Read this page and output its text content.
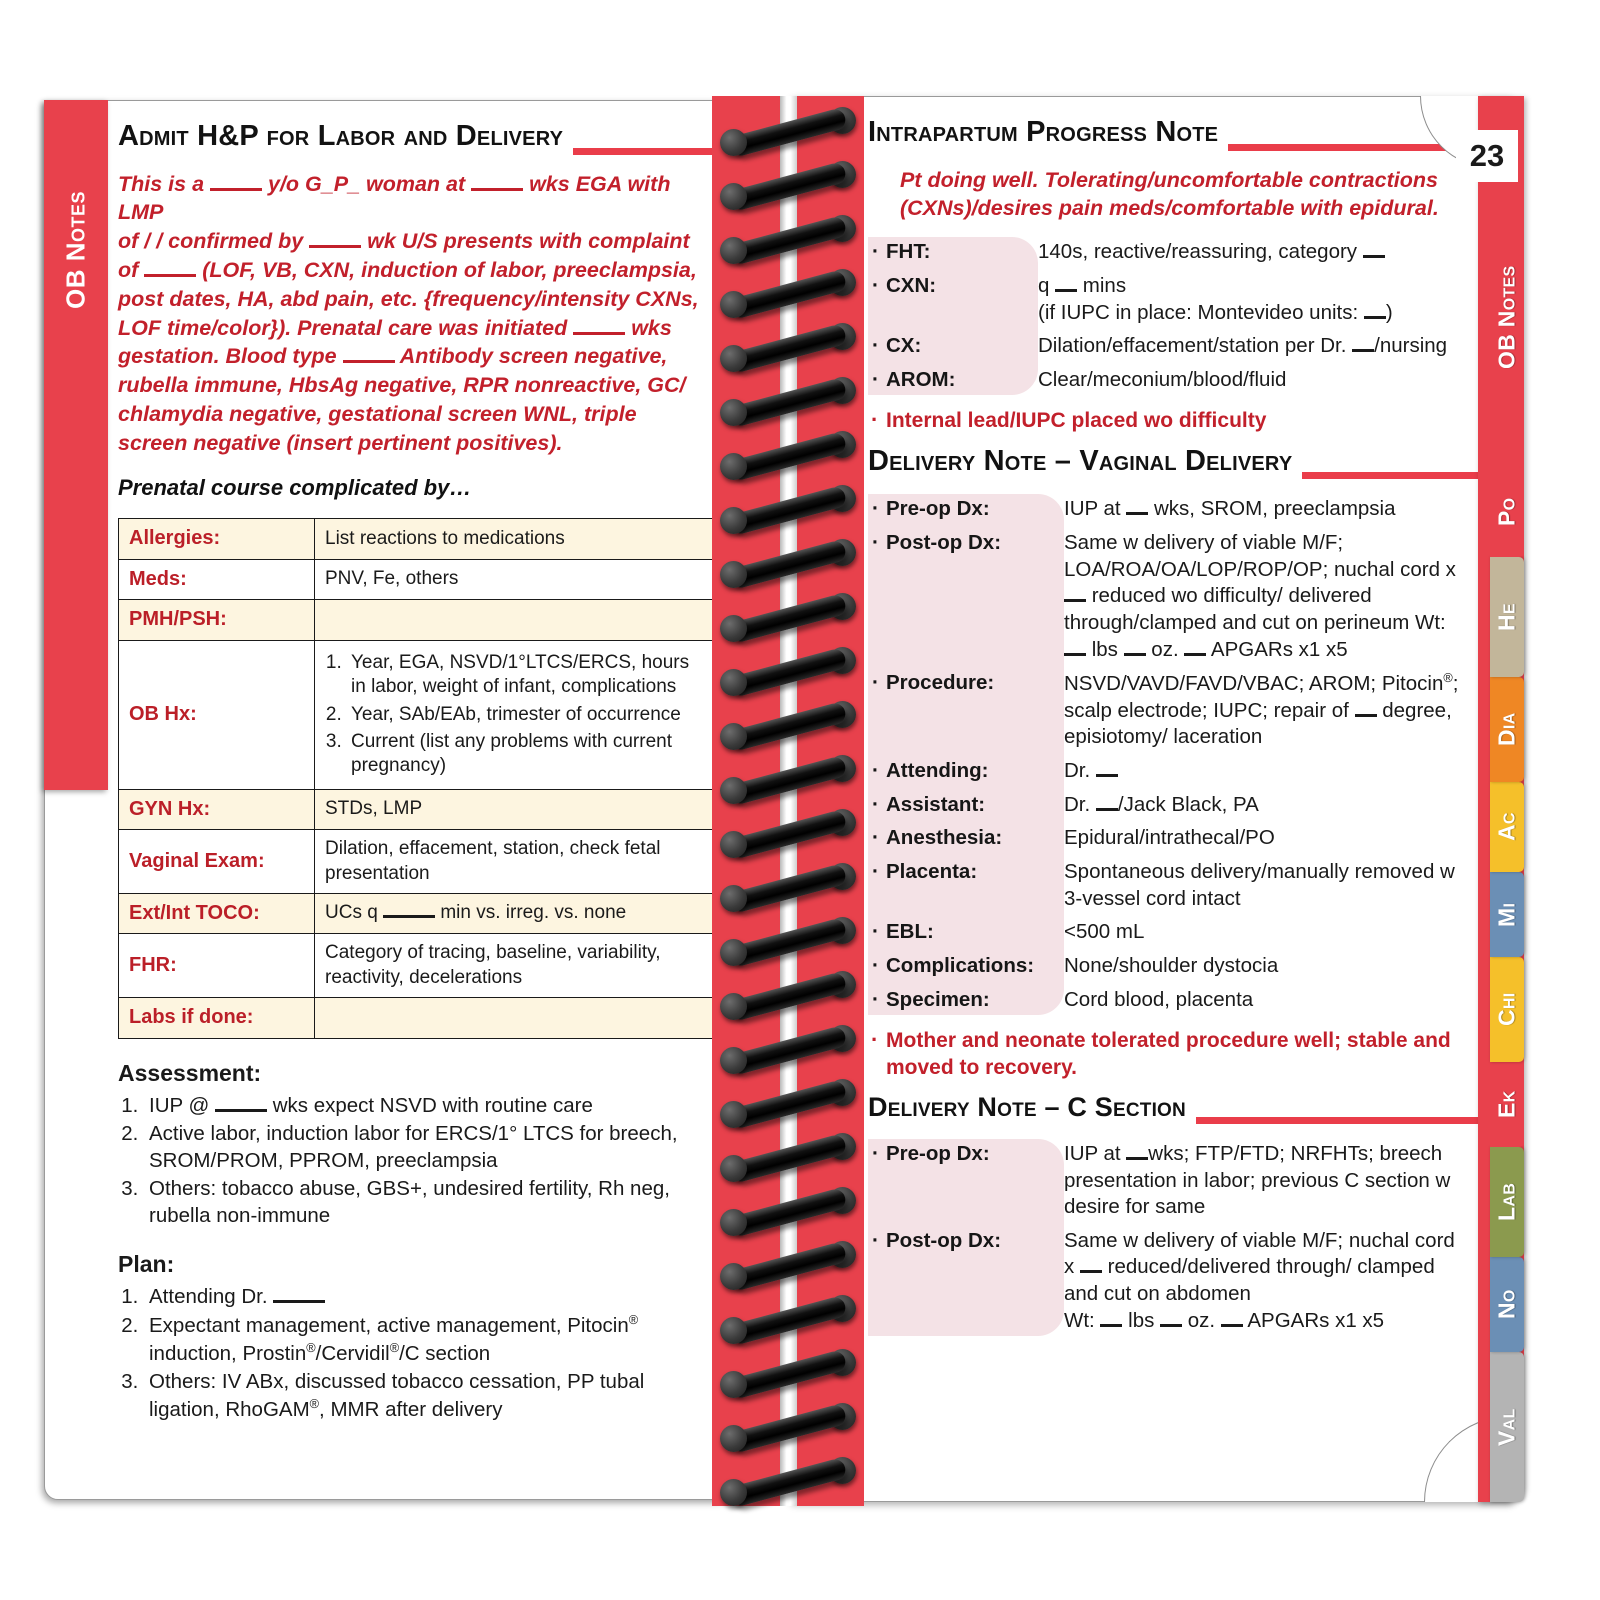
OB Notes
Val
No
Lab
Ek
Chi
Mi
Ac
Dia
He
Po
OB Notes
23
Admit H&P for Labor and Delivery
This is a  y/o G_P_ woman at  wks EGA with LMP
of / / confirmed by  wk U/S presents with complaint
of  (LOF, VB, CXN, induction of labor, preeclampsia,
post dates, HA, abd pain, etc. {frequency/intensity CXNs,
LOF time/color}). Prenatal care was initiated  wks
gestation. Blood type  Antibody screen negative,
rubella immune, HbsAg negative, RPR nonreactive, GC/
chlamydia negative, gestational screen WNL, triple
screen negative (insert pertinent positives).
Prenatal course complicated by…
Allergies:	List reactions to medications
Meds:	PNV, Fe, others
PMH/PSH:	
OB Hx:	
1. Year, EGA, NSVD/1°LTCS/ERCS, hours in labor, weight of infant, complications
2. Year, SAb/EAb, trimester of occurrence
3. Current (list any problems with current pregnancy)

GYN Hx:	STDs, LMP
Vaginal Exam:	Dilation, effacement, station, check fetal presentation
Ext/Int TOCO:	UCs q min vs. irreg. vs. none
FHR:	Category of tracing, baseline, variability, reactivity, decelerations
Labs if done:	
Assessment:
1. IUP @	wks expect NSVD with routine care
2. Active labor, induction labor for ERCS/1° LTCS for breech, SROM/PROM, PPROM, preeclampsia
3. Others: tobacco abuse, GBS+, undesired fertility, Rh neg, rubella non-immune
Plan:
1. Attending Dr.
2. Expectant management, active management, Pitocin® induction, Prostin®/Cervidil®/C section
3. Others: IV ABx, discussed tobacco cessation, PP tubal ligation, RhoGAM®, MMR after delivery
Intrapartum Progress Note
Pt doing well. Tolerating/uncomfortable contractions
(CXNs)/desires pain meds/comfortable with epidural.
· FHT:	140s, reactive/reassuring, category
· CXN:	q  mins
(if IUPC in place: Montevideo units: )
· CX:	Dilation/effacement/station per Dr. /nursing
· AROM:	Clear/meconium/blood/fluid
· Internal lead/IUPC placed wo difficulty
Delivery Note – Vaginal Delivery
· Pre-op Dx:	IUP at  wks, SROM, preeclampsia
· Post-op Dx:	Same w delivery of viable M/F; LOA/ROA/OA/LOP/ROP/OP; nuchal cord x  reduced wo difficulty/ delivered through/clamped and cut on perineum Wt:  lbs  oz.  APGARs x1 x5
· Procedure:	NSVD/VAVD/FAVD/VBAC; AROM; Pitocin®; scalp electrode; IUPC; repair of  degree, episiotomy/ laceration
· Attending:	Dr.
· Assistant:	Dr. /Jack Black, PA
· Anesthesia:	Epidural/intrathecal/PO
· Placenta:	Spontaneous delivery/manually removed w 3-vessel cord intact
· EBL:	<500 mL
· Complications:	None/shoulder dystocia
· Specimen:	Cord blood, placenta
· Mother and neonate tolerated procedure well; stable and moved to recovery.
Delivery Note – C Section
· Pre-op Dx:	IUP at wks; FTP/FTD; NRFHTs; breech presentation in labor; previous C section w desire for same
· Post-op Dx:	Same w delivery of viable M/F; nuchal cord x  reduced/delivered through/ clamped and cut on abdomen
Wt:  lbs  oz.  APGARs x1 x5
